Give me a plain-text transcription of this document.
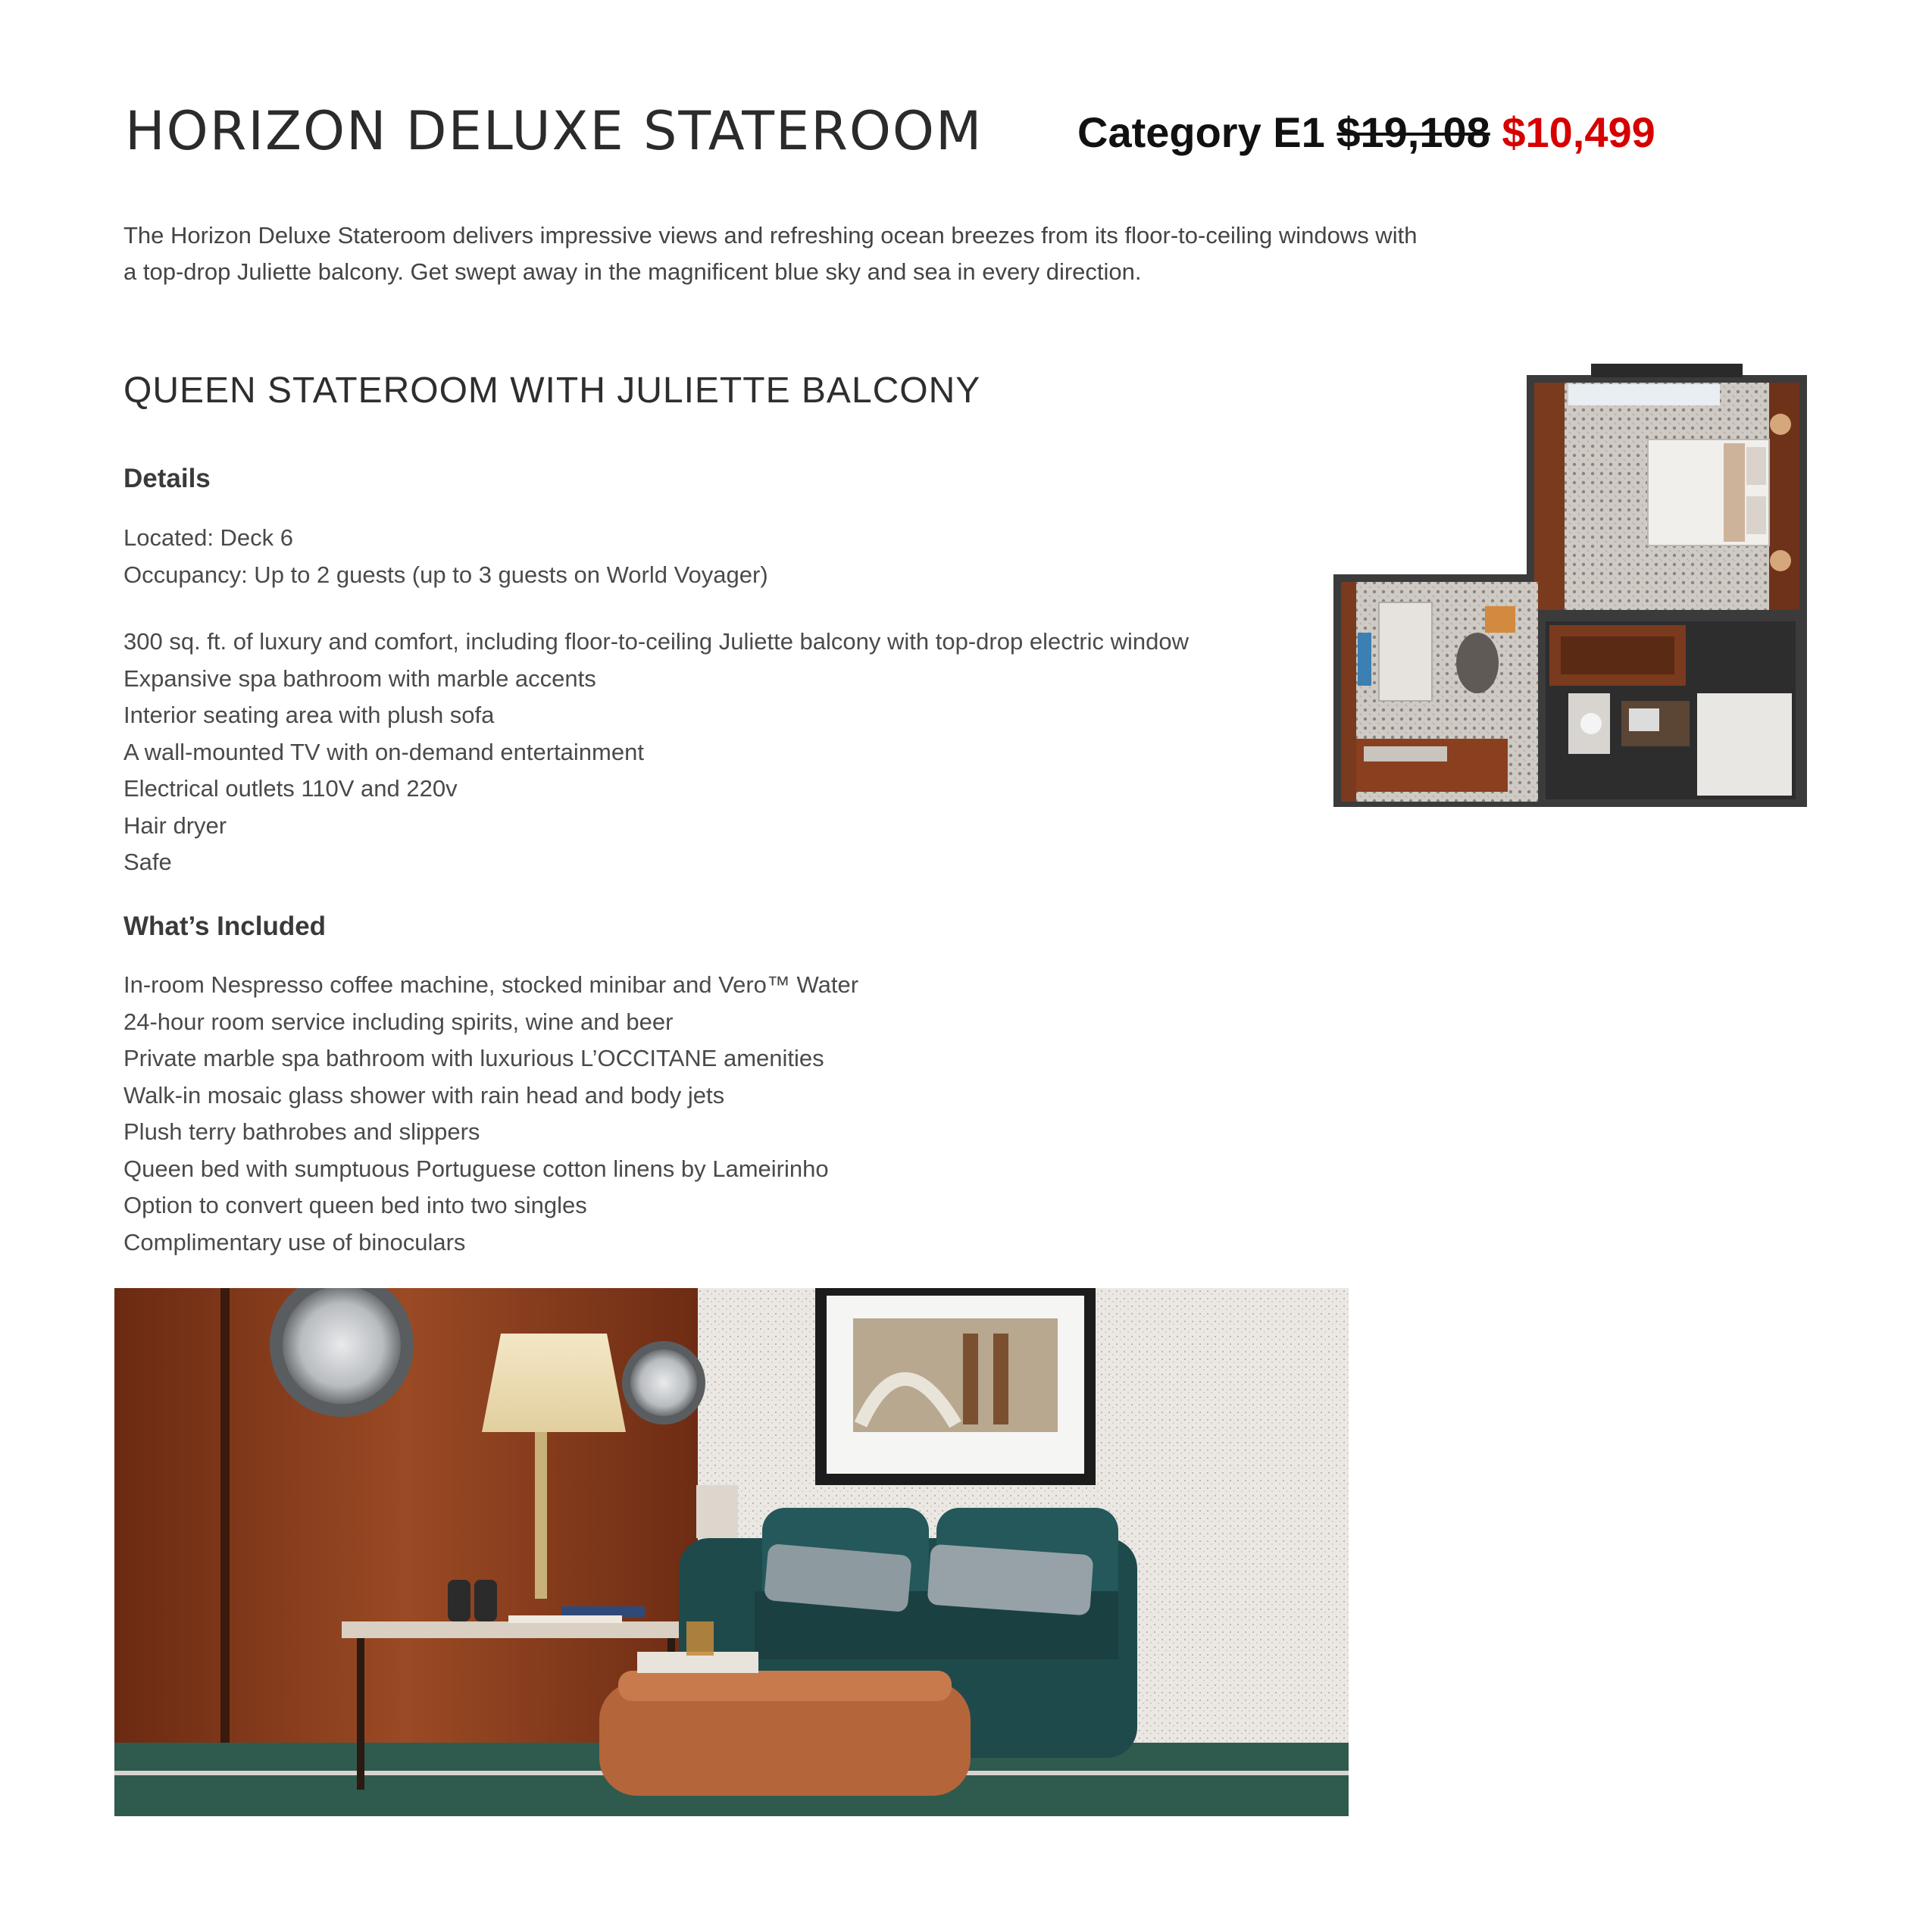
HORIZON DELUXE STATEROOM Category E1 $19,108 $10,499

The Horizon Deluxe Stateroom delivers impressive views and refreshing ocean breezes from its floor-to-ceiling windows with a top-drop Juliette balcony. Get swept away in the magnificent blue sky and sea in every direction.

QUEEN STATEROOM WITH JULIETTE BALCONY
Details
Located: Deck 6
Occupancy: Up to 2 guests (up to 3 guests on World Voyager)
300 sq. ft. of luxury and comfort, including floor-to-ceiling Juliette balcony with top-drop electric window
Expansive spa bathroom with marble accents
Interior seating area with plush sofa
A wall-mounted TV with on-demand entertainment
Electrical outlets 110V and 220v
Hair dryer
Safe
What’s Included
In-room Nespresso coffee machine, stocked minibar and Vero™ Water
24-hour room service including spirits, wine and beer
Private marble spa bathroom with luxurious L’OCCITANE amenities
Walk-in mosaic glass shower with rain head and body jets
Plush terry bathrobes and slippers
Queen bed with sumptuous Portuguese cotton linens by Lameirinho
Option to convert queen bed into two singles
Complimentary use of binoculars
